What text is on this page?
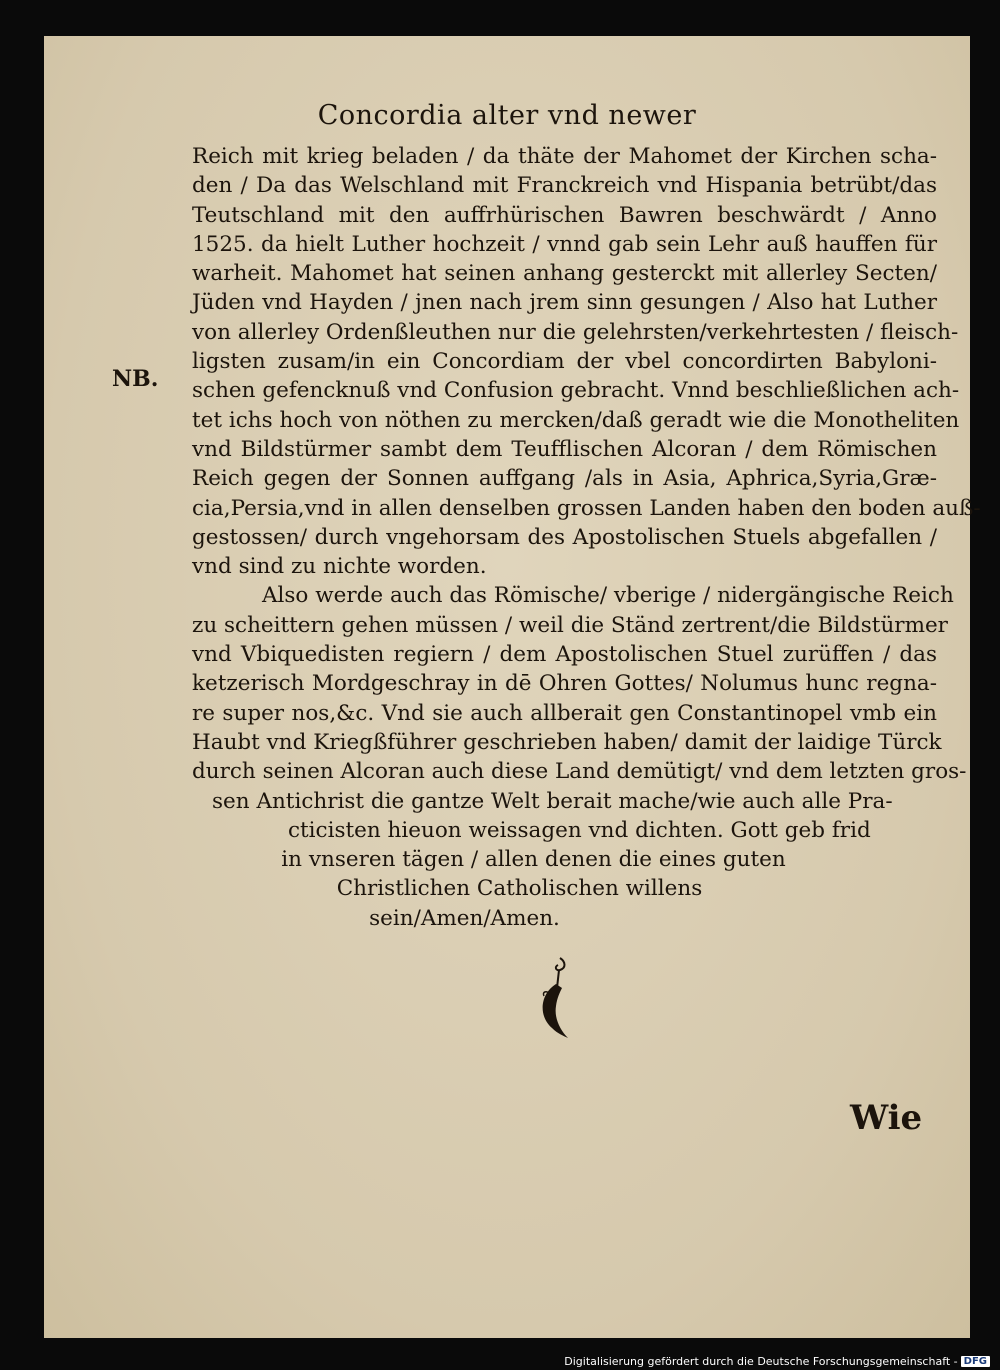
Concordia alter vnd newer
NB.
Reich mit krieg beladen / da thäte der Mahomet der Kirchen scha-
den / Da das Welschland mit Franckreich vnd Hispania betrübt/das
Teutschland mit den auffrhürischen Bawren beschwärdt / Anno
1525. da hielt Luther hochzeit / vnnd gab sein Lehr auß hauffen für
warheit. Mahomet hat seinen anhang gesterckt mit allerley Secten/
Jüden vnd Hayden / jnen nach jrem sinn gesungen / Also hat Luther
von allerley Ordenßleuthen nur die gelehrsten/verkehrtesten / fleisch-
ligsten zusam/in ein Concordiam der vbel concordirten Babyloni-
schen gefencknuß vnd Confusion gebracht. Vnnd beschließlichen ach-
tet ichs hoch von nöthen zu mercken/daß geradt wie die Monotheliten
vnd Bildstürmer sambt dem Teufflischen Alcoran / dem Römischen
Reich gegen der Sonnen auffgang /als in Asia, Aphrica,Syria,Græ-
cia,Persia,vnd in allen denselben grossen Landen haben den boden auß-
gestossen/ durch vngehorsam des Apostolischen Stuels abgefallen /
vnd sind zu nichte worden.
Also werde auch das Römische/ vberige / nidergängische Reich
zu scheittern gehen müssen / weil die Ständ zertrent/die Bildstürmer
vnd Vbiquedisten regiern / dem Apostolischen Stuel zurüffen / das
ketzerisch Mordgeschray in dē Ohren Gottes/ Nolumus hunc regna-
re super nos,&c. Vnd sie auch allberait gen Constantinopel vmb ein
Haubt vnd Kriegßführer geschrieben haben/ damit der laidige Türck
durch seinen Alcoran auch diese Land demütigt/ vnd dem letzten gros-
sen Antichrist die gantze Welt berait mache/wie auch alle Pra-
cticisten hieuon weissagen vnd dichten. Gott geb frid
in vnseren tägen / allen denen die eines guten
Christlichen Catholischen willens
sein/Amen/Amen.
Wie
Digitalisierung gefördert durch die Deutsche Forschungsgemeinschaft - DFG
